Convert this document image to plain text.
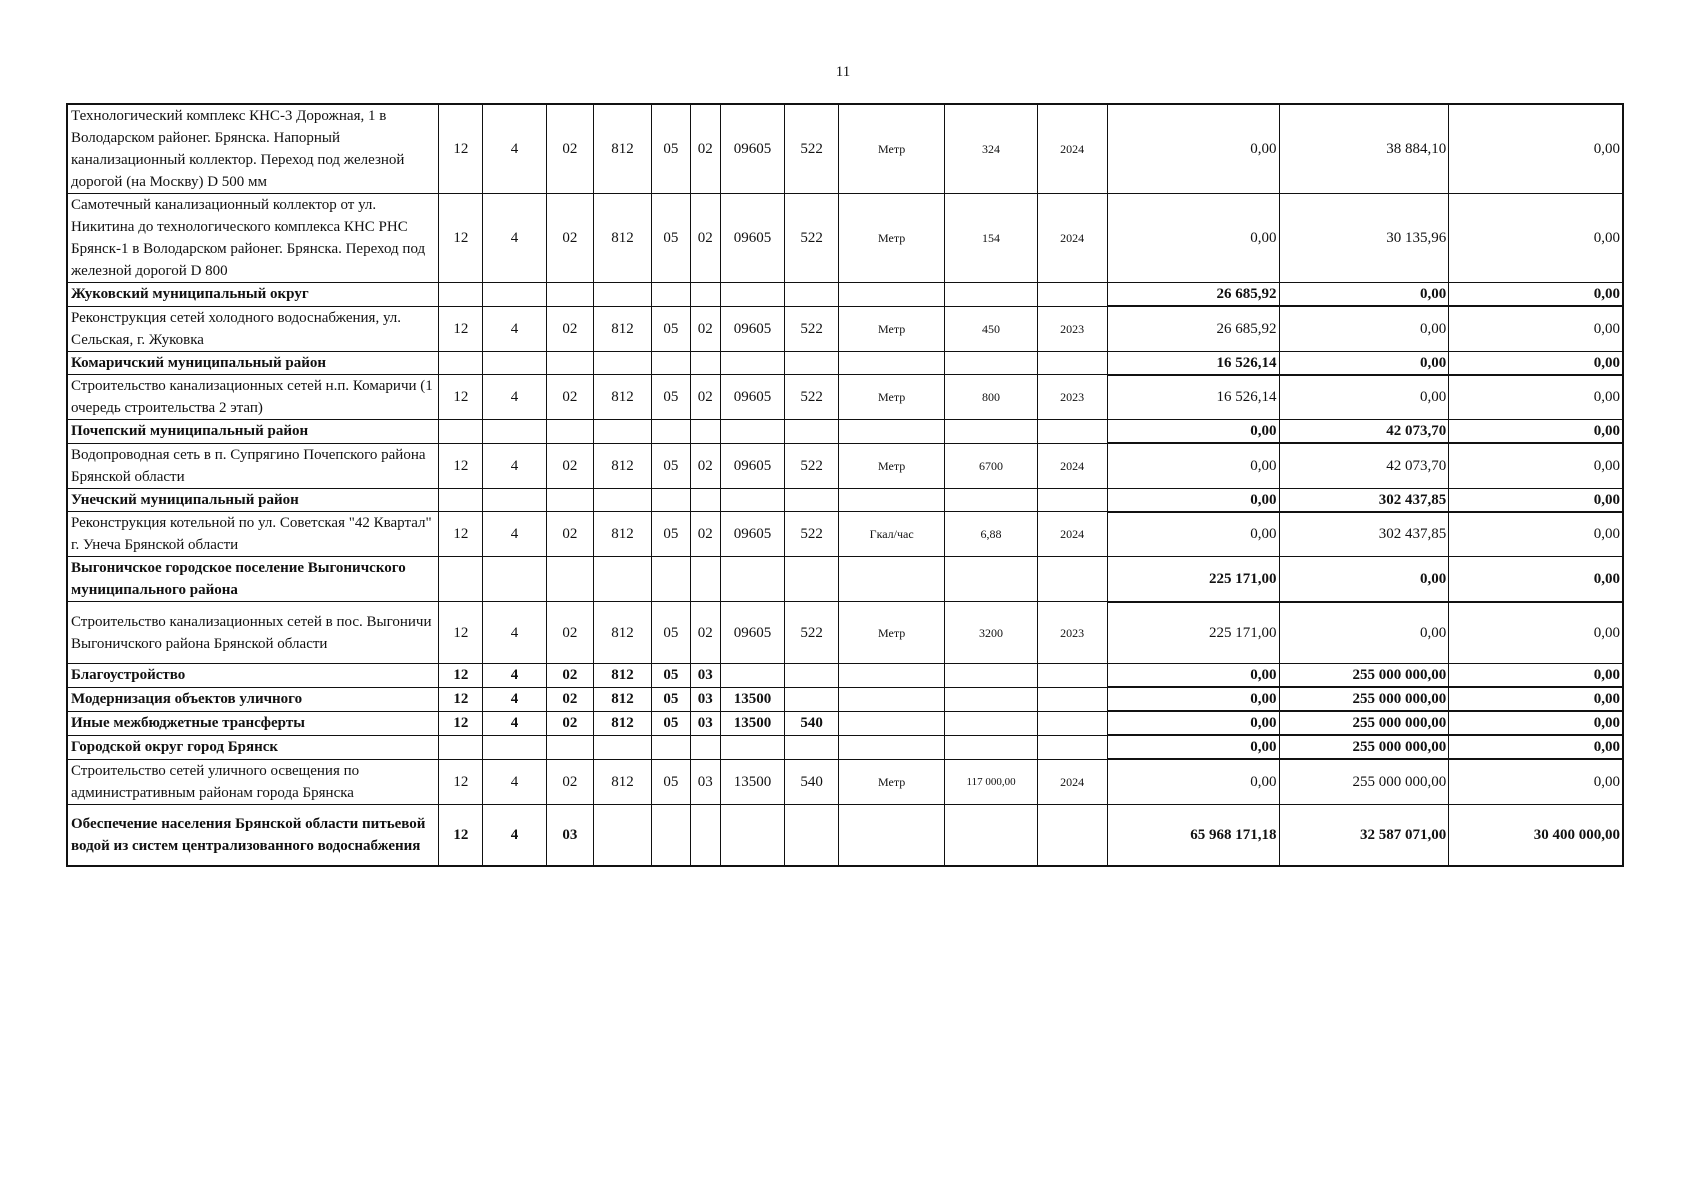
11
Технологический комплекс КНС-3 Дорожная, 1 в Володарском районег. Брянска. Напорный канализационный коллектор. Переход под железной дорогой (на Москву) D 500 мм	12	4	02	812	05	02	09605	522	Метр	324	2024	0,00	38 884,10	0,00
Самотечный канализационный коллектор от ул. Никитина до технологического комплекса КНС РНС Брянск-1 в Володарском районег. Брянска. Переход под железной дорогой D 800	12	4	02	812	05	02	09605	522	Метр	154	2024	0,00	30 135,96	0,00
Жуковский муниципальный округ												26 685,92	0,00	0,00
Реконструкция сетей холодного водоснабжения, ул. Сельская, г. Жуковка	12	4	02	812	05	02	09605	522	Метр	450	2023	26 685,92	0,00	0,00
Комаричский муниципальный район												16 526,14	0,00	0,00
Строительство канализационных сетей н.п. Комаричи (1 очередь строительства 2 этап)	12	4	02	812	05	02	09605	522	Метр	800	2023	16 526,14	0,00	0,00
Почепский муниципальный район												0,00	42 073,70	0,00
Водопроводная сеть в п. Супрягино Почепского района Брянской области	12	4	02	812	05	02	09605	522	Метр	6700	2024	0,00	42 073,70	0,00
Унечский муниципальный район												0,00	302 437,85	0,00
Реконструкция котельной по ул. Советская "42 Квартал" г. Унеча Брянской области	12	4	02	812	05	02	09605	522	Гкал/час	6,88	2024	0,00	302 437,85	0,00
Выгоничское городское поселение Выгоничского муниципального района												225 171,00	0,00	0,00
Строительство канализационных сетей в пос. Выгоничи Выгоничского района Брянской области	12	4	02	812	05	02	09605	522	Метр	3200	2023	225 171,00	0,00	0,00
Благоустройство	12	4	02	812	05	03						0,00	255 000 000,00	0,00
Модернизация объектов уличного	12	4	02	812	05	03	13500					0,00	255 000 000,00	0,00
Иные межбюджетные трансферты	12	4	02	812	05	03	13500	540				0,00	255 000 000,00	0,00
Городской округ город Брянск												0,00	255 000 000,00	0,00
Строительство сетей уличного освещения по административным районам города Брянска	12	4	02	812	05	03	13500	540	Метр	117 000,00	2024	0,00	255 000 000,00	0,00
Обеспечение населения Брянской области питьевой водой из систем централизованного водоснабжения	12	4	03									65 968 171,18	32 587 071,00	30 400 000,00
